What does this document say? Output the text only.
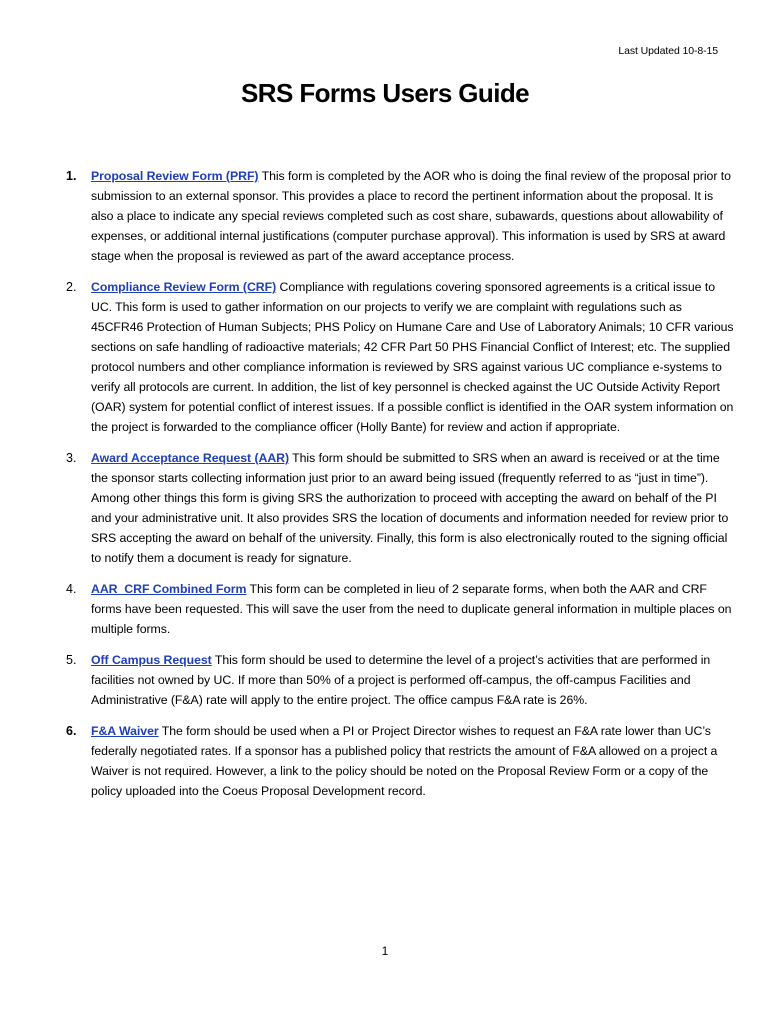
Last Updated 10-8-15
SRS Forms Users Guide
1.	Proposal Review Form (PRF) This form is completed by the AOR who is doing the final review of the proposal prior to submission to an external sponsor. This provides a place to record the pertinent information about the proposal. It is also a place to indicate any special reviews completed such as cost share, subawards, questions about allowability of expenses, or additional internal justifications (computer purchase approval). This information is used by SRS at award stage when the proposal is reviewed as part of the award acceptance process.
2.	Compliance Review Form (CRF) Compliance with regulations covering sponsored agreements is a critical issue to UC. This form is used to gather information on our projects to verify we are complaint with regulations such as 45CFR46 Protection of Human Subjects; PHS Policy on Humane Care and Use of Laboratory Animals; 10 CFR various sections on safe handling of radioactive materials; 42 CFR Part 50 PHS Financial Conflict of Interest; etc. The supplied protocol numbers and other compliance information is reviewed by SRS against various UC compliance e-systems to verify all protocols are current. In addition, the list of key personnel is checked against the UC Outside Activity Report (OAR) system for potential conflict of interest issues. If a possible conflict is identified in the OAR system information on the project is forwarded to the compliance officer (Holly Bante) for review and action if appropriate.
3.	Award Acceptance Request (AAR) This form should be submitted to SRS when an award is received or at the time the sponsor starts collecting information just prior to an award being issued (frequently referred to as “just in time”). Among other things this form is giving SRS the authorization to proceed with accepting the award on behalf of the PI and your administrative unit. It also provides SRS the location of documents and information needed for review prior to SRS accepting the award on behalf of the university. Finally, this form is also electronically routed to the signing official to notify them a document is ready for signature.
4.	AAR_CRF Combined Form This form can be completed in lieu of 2 separate forms, when both the AAR and CRF forms have been requested. This will save the user from the need to duplicate general information in multiple places on multiple forms.
5.	Off Campus Request This form should be used to determine the level of a project’s activities that are performed in facilities not owned by UC. If more than 50% of a project is performed off-campus, the off-campus Facilities and Administrative (F&A) rate will apply to the entire project. The office campus F&A rate is 26%.
6.	F&A Waiver The form should be used when a PI or Project Director wishes to request an F&A rate lower than UC’s federally negotiated rates. If a sponsor has a published policy that restricts the amount of F&A allowed on a project a Waiver is not required. However, a link to the policy should be noted on the Proposal Review Form or a copy of the policy uploaded into the Coeus Proposal Development record.
1
